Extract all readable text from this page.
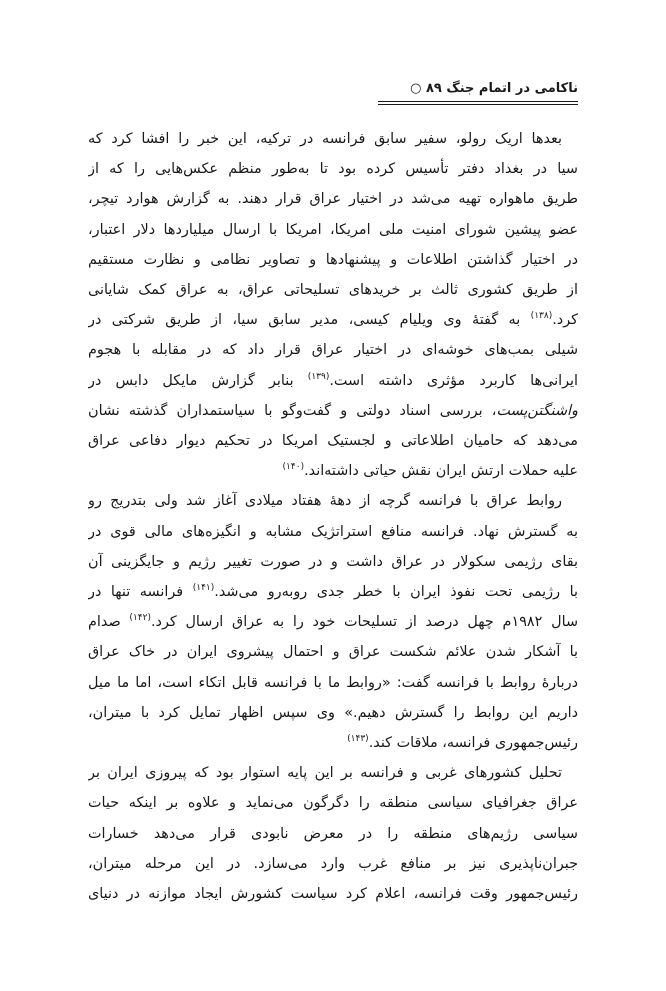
ناکامی در اتمام جنگ ۸۹ ○
بعدها اریک رولو، سفیر سابق فرانسه در ترکیه، این خبر را افشا کرد که
سیا در بغداد دفتر تأسیس کرده بود تا به‌طور منظم عکس‌هایی را که از
طریق ماهواره تهیه می‌شد در اختیار عراق قرار دهند. به گزارش هوارد تیچر،
عضو پیشین شورای امنیت ملی امریکا، امریکا با ارسال میلیاردها دلار اعتبار،
در اختیار گذاشتن اطلاعات و پیشنهادها و تصاویر نظامی و نظارت مستقیم
از طریق کشوری ثالث بر خریدهای تسلیحاتی عراق، به عراق کمک شایانی
کرد.$^{(۱۳۸)}$ به گفتهٔ وی ویلیام کیسی، مدیر سابق سیا، از طریق شرکتی در
شیلی بمب‌های خوشه‌ای در اختیار عراق قرار داد که در مقابله با هجوم
ایرانی‌ها کاربرد مؤثری داشته است.$^{(۱۳۹)}$ بنابر گزارش مایکل دابس در
واشنگتن‌پست، بررسی اسناد دولتی و گفت‌وگو با سیاستمداران گذشته نشان
می‌دهد که حامیان اطلاعاتی و لجستیک امریکا در تحکیم دیوار دفاعی عراق
علیه حملات ارتش ایران نقش حیاتی داشته‌اند.$^{(۱۴۰)}$
روابط عراق با فرانسه گرچه از دههٔ هفتاد میلادی آغاز شد ولی بتدریج رو
به گسترش نهاد. فرانسه منافع استراتژیک مشابه و انگیزه‌های مالی قوی در
بقای رژیمی سکولار در عراق داشت و در صورت تغییر رژیم و جایگزینی آن
با رژیمی تحت نفوذ ایران با خطر جدی روبه‌رو می‌شد.$^{(۱۴۱)}$ فرانسه تنها در
سال ۱۹۸۲م چهل درصد از تسلیحات خود را به عراق ارسال کرد.$^{(۱۴۲)}$ صدام
با آشکار شدن علائم شکست عراق و احتمال پیشروی ایران در خاک عراق
دربارهٔ روابط با فرانسه گفت: «روابط ما با فرانسه قابل اتکاء است، اما ما میل
داریم این روابط را گسترش دهیم.» وی سپس اظهار تمایل کرد با میتران،
رئیس‌جمهوری فرانسه، ملاقات کند.$^{(۱۴۳)}$
تحلیل کشورهای غربی و فرانسه بر این پایه استوار بود که پیروزی ایران بر
عراق جغرافیای سیاسی منطقه را دگرگون می‌نماید و علاوه بر اینکه حیات
سیاسی رژیم‌های منطقه را در معرض نابودی قرار می‌دهد خسارات
جبران‌ناپذیری نیز بر منافع غرب وارد می‌سازد. در این مرحله میتران،
رئیس‌جمهور وقت فرانسه، اعلام کرد سیاست کشورش ایجاد موازنه در دنیای
